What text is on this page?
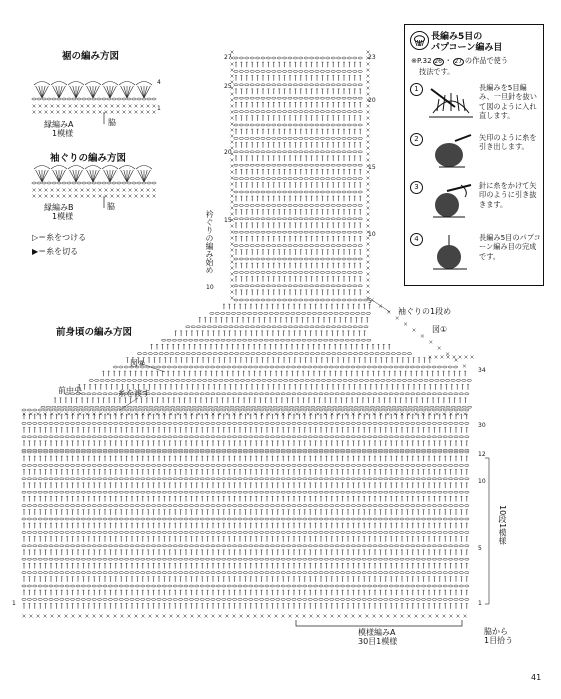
裾の編み方図
縁編みA
1模様
脇
4
1
袖ぐりの編み方図
縁編みB
1模様
脇
▷＝糸をつける
▶＝糸を切る
前身頃の編み方図
図⑧
前中央	糸を渡す
袖ぐりの1段め
図①
衿ぐりの編み始め
10段1模様
模様編みA
30目1模様
脇から
1目拾う
27
25
20
15
10
23
20
15
10
5
34
30
12
10
5
1
1
長編み5目の
パプコーン編み目
※P.32 26 ・ 27 の作品で使う
技法です。
1	長編みを5目編み、一旦針を抜いて図のように入れ直します。
2	矢印のように糸を引き出します。
3	針に糸をかけて矢印のように引き抜きます。
4	長編み5目のパプコーン編み目の完成です。
41
